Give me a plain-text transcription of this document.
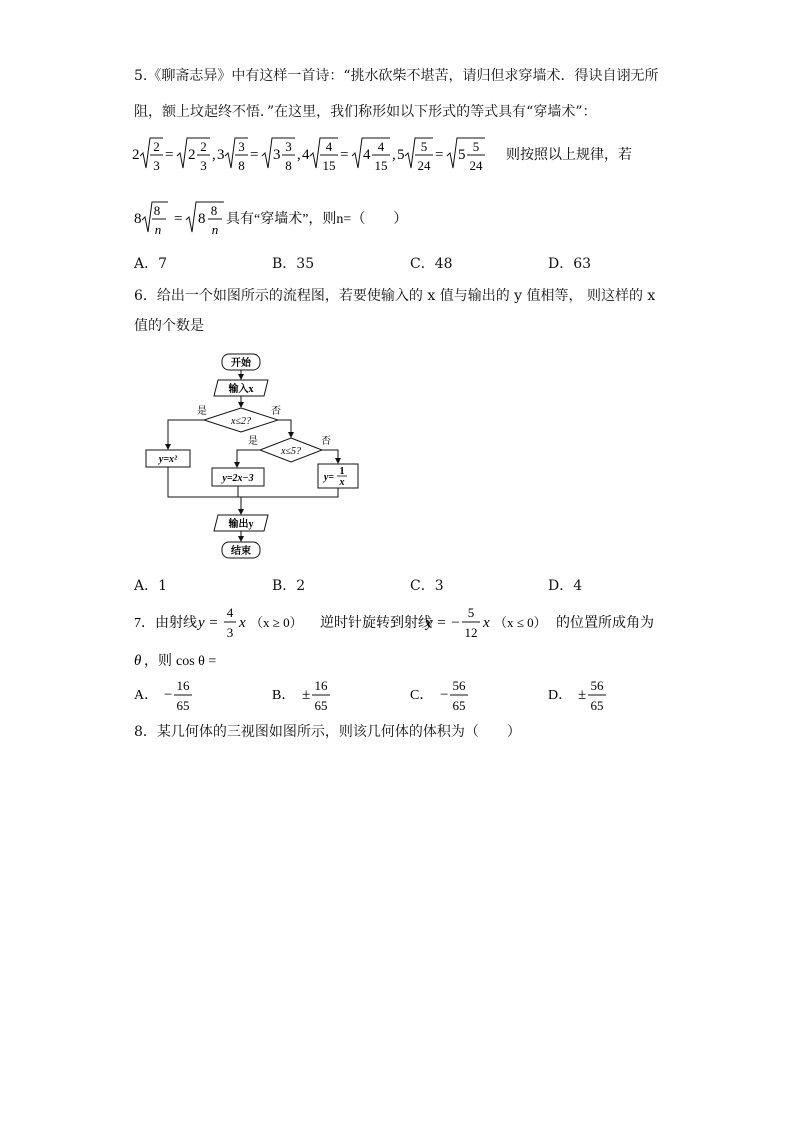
5.《聊斋志异》中有这样一首诗：“挑水砍柴不堪苦，请归但求穿墙术．得诀自诩无所
阻，额上坟起终不悟．”在这里，我们称形如以下形式的等式具有“穿墙术”：
2
2
3
= 2
2
3
, 3
3
8
= 3
3
8
, 4
4
15
= 4
4
15
, 5
5
24
= 5
5
24
则按照以上规律，若
8
8
n
= 8
8
n
具有“穿墙术”，则n=（　　）
A．7	B．35	C．48	D．63
6．给出一个如图所示的流程图，若要使输入的 x 值与输出的 y 值相等， 则这样的 x
值的个数是
开始
输入x
x≤2?
是	否
x≤5?
是	否
y=x²
y=2x−3	y=
1
x
输出y
结束
A．1	B．2	C．3	D．4
7．由射线 y =
4
3
x （x ≥ 0） 逆时针旋转到射线
y = −
5
12
x （x ≤ 0） 的位置所成角为
θ ，则 cos θ =
A． −
16
65
B． ±
16
65
C． −
56
65
D． ±
56
65
8．某几何体的三视图如图所示，则该几何体的体积为（　　）
